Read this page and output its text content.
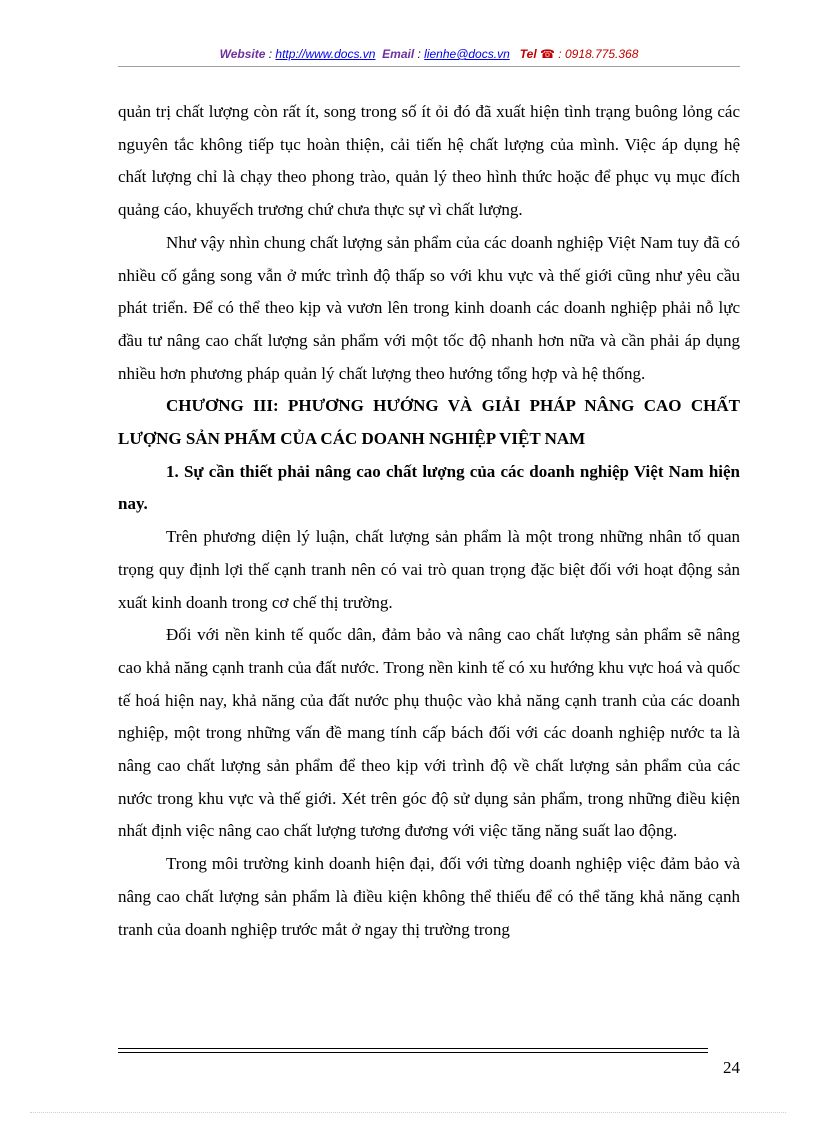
Website : http://www.docs.vn Email : lienhe@docs.vn Tel ☎ : 0918.775.368

quản trị chất lượng còn rất ít, song trong số ít ỏi đó đã xuất hiện tình trạng buông lỏng các nguyên tắc không tiếp tục hoàn thiện, cải tiến hệ chất lượng của mình. Việc áp dụng hệ chất lượng chỉ là chạy theo phong trào, quản lý theo hình thức hoặc để phục vụ mục đích quảng cáo, khuyếch trương chứ chưa thực sự vì chất lượng.

Như vậy nhìn chung chất lượng sản phẩm của các doanh nghiệp Việt Nam tuy đã có nhiều cố gắng song vẫn ở mức trình độ thấp so với khu vực và thế giới cũng như yêu cầu phát triển. Để có thể theo kịp và vươn lên trong kinh doanh các doanh nghiệp phải nỗ lực đầu tư nâng cao chất lượng sản phẩm với một tốc độ nhanh hơn nữa và cần phải áp dụng nhiều hơn phương pháp quản lý chất lượng theo hướng tổng hợp và hệ thống.

CHƯƠNG III: PHƯƠNG HƯỚNG VÀ GIẢI PHÁP NÂNG CAO CHẤT LƯỢNG SẢN PHẨM CỦA CÁC DOANH NGHIỆP VIỆT NAM

1. Sự cần thiết phải nâng cao chất lượng của các doanh nghiệp Việt Nam hiện nay.

Trên phương diện lý luận, chất lượng sản phẩm là một trong những nhân tố quan trọng quy định lợi thế cạnh tranh nên có vai trò quan trọng đặc biệt đối với hoạt động sản xuất kinh doanh trong cơ chế thị trường.

Đối với nền kinh tế quốc dân, đảm bảo và nâng cao chất lượng sản phẩm sẽ nâng cao khả năng cạnh tranh của đất nước. Trong nền kinh tế có xu hướng khu vực hoá và quốc tế hoá hiện nay, khả năng của đất nước phụ thuộc vào khả năng cạnh tranh của các doanh nghiệp, một trong những vấn đề mang tính cấp bách đối với các doanh nghiệp nước ta là nâng cao chất lượng sản phẩm để theo kịp với trình độ về chất lượng sản phẩm của các nước trong khu vực và thế giới. Xét trên góc độ sử dụng sản phẩm, trong những điều kiện nhất định việc nâng cao chất lượng tương đương với việc tăng năng suất lao động.

Trong môi trường kinh doanh hiện đại, đối với từng doanh nghiệp việc đảm bảo và nâng cao chất lượng sản phẩm là điều kiện không thể thiếu để có thể tăng khả năng cạnh tranh của doanh nghiệp trước mắt ở ngay thị trường trong

24
